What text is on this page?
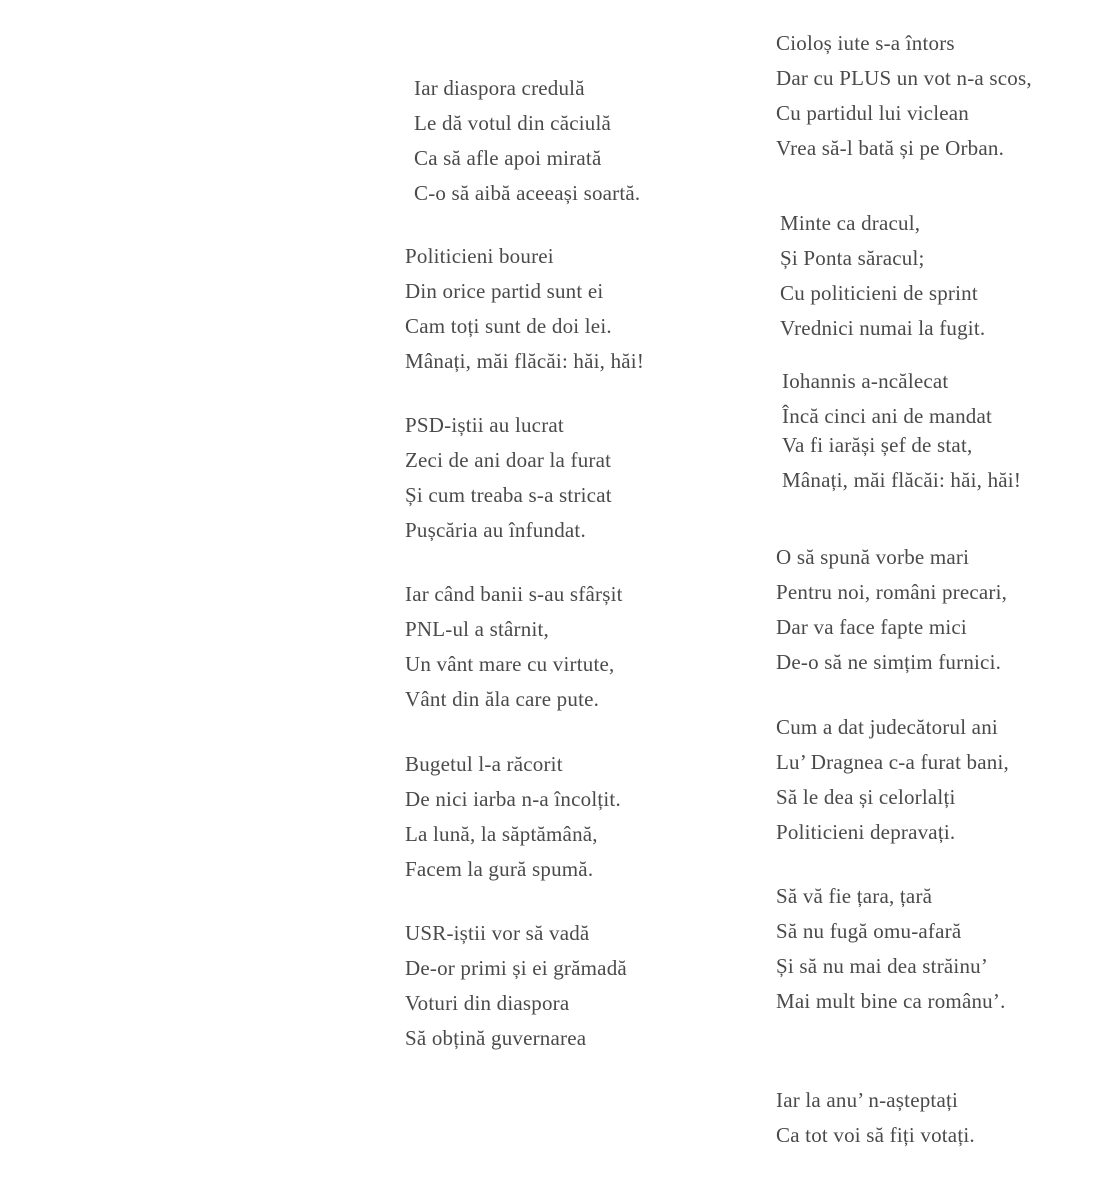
Iar diaspora credulă
Le dă votul din căciulă
Ca să afle apoi mirată
C-o să aibă aceeași soartă.
Politicieni bourei
Din orice partid sunt ei
Cam toți sunt de doi lei.
Mânați, măi flăcăi: hăi, hăi!
PSD-iștii au lucrat
Zeci de ani doar la furat
Și cum treaba s-a stricat
Pușcăria au înfundat.
Iar când banii s-au sfârșit
PNL-ul a stârnit,
Un vânt mare cu virtute,
Vânt din ăla care pute.
Bugetul l-a răcorit
De nici iarba n-a încolțit.
La lună, la săptămână,
Facem la gură spumă.
USR-iștii vor să vadă
De-or primi și ei grămadă
Voturi din diaspora
Să obțină guvernarea
Cioloș iute s-a întors
Dar cu PLUS un vot n-a scos,
Cu partidul lui viclean
Vrea să-l bată și pe Orban.
Minte ca dracul,
Și Ponta săracul;
Cu politicieni de sprint
Vrednici numai la fugit.
Iohannis a-ncălecat
Încă cinci ani de mandat
Va fi iarăși șef de stat,
Mânați, măi flăcăi: hăi, hăi!
O să spună vorbe mari
Pentru noi, români precari,
Dar va face fapte mici
De-o să ne simțim furnici.
Cum a dat judecătorul ani
Lu’ Dragnea c-a furat bani,
Să le dea și celorlalți
Politicieni depravați.
Să vă fie țara, țară
Să nu fugă omu-afară
Și să nu mai dea străinu’
Mai mult bine ca românu’.
Iar la anu’ n-așteptați
Ca tot voi să fiți votați.
